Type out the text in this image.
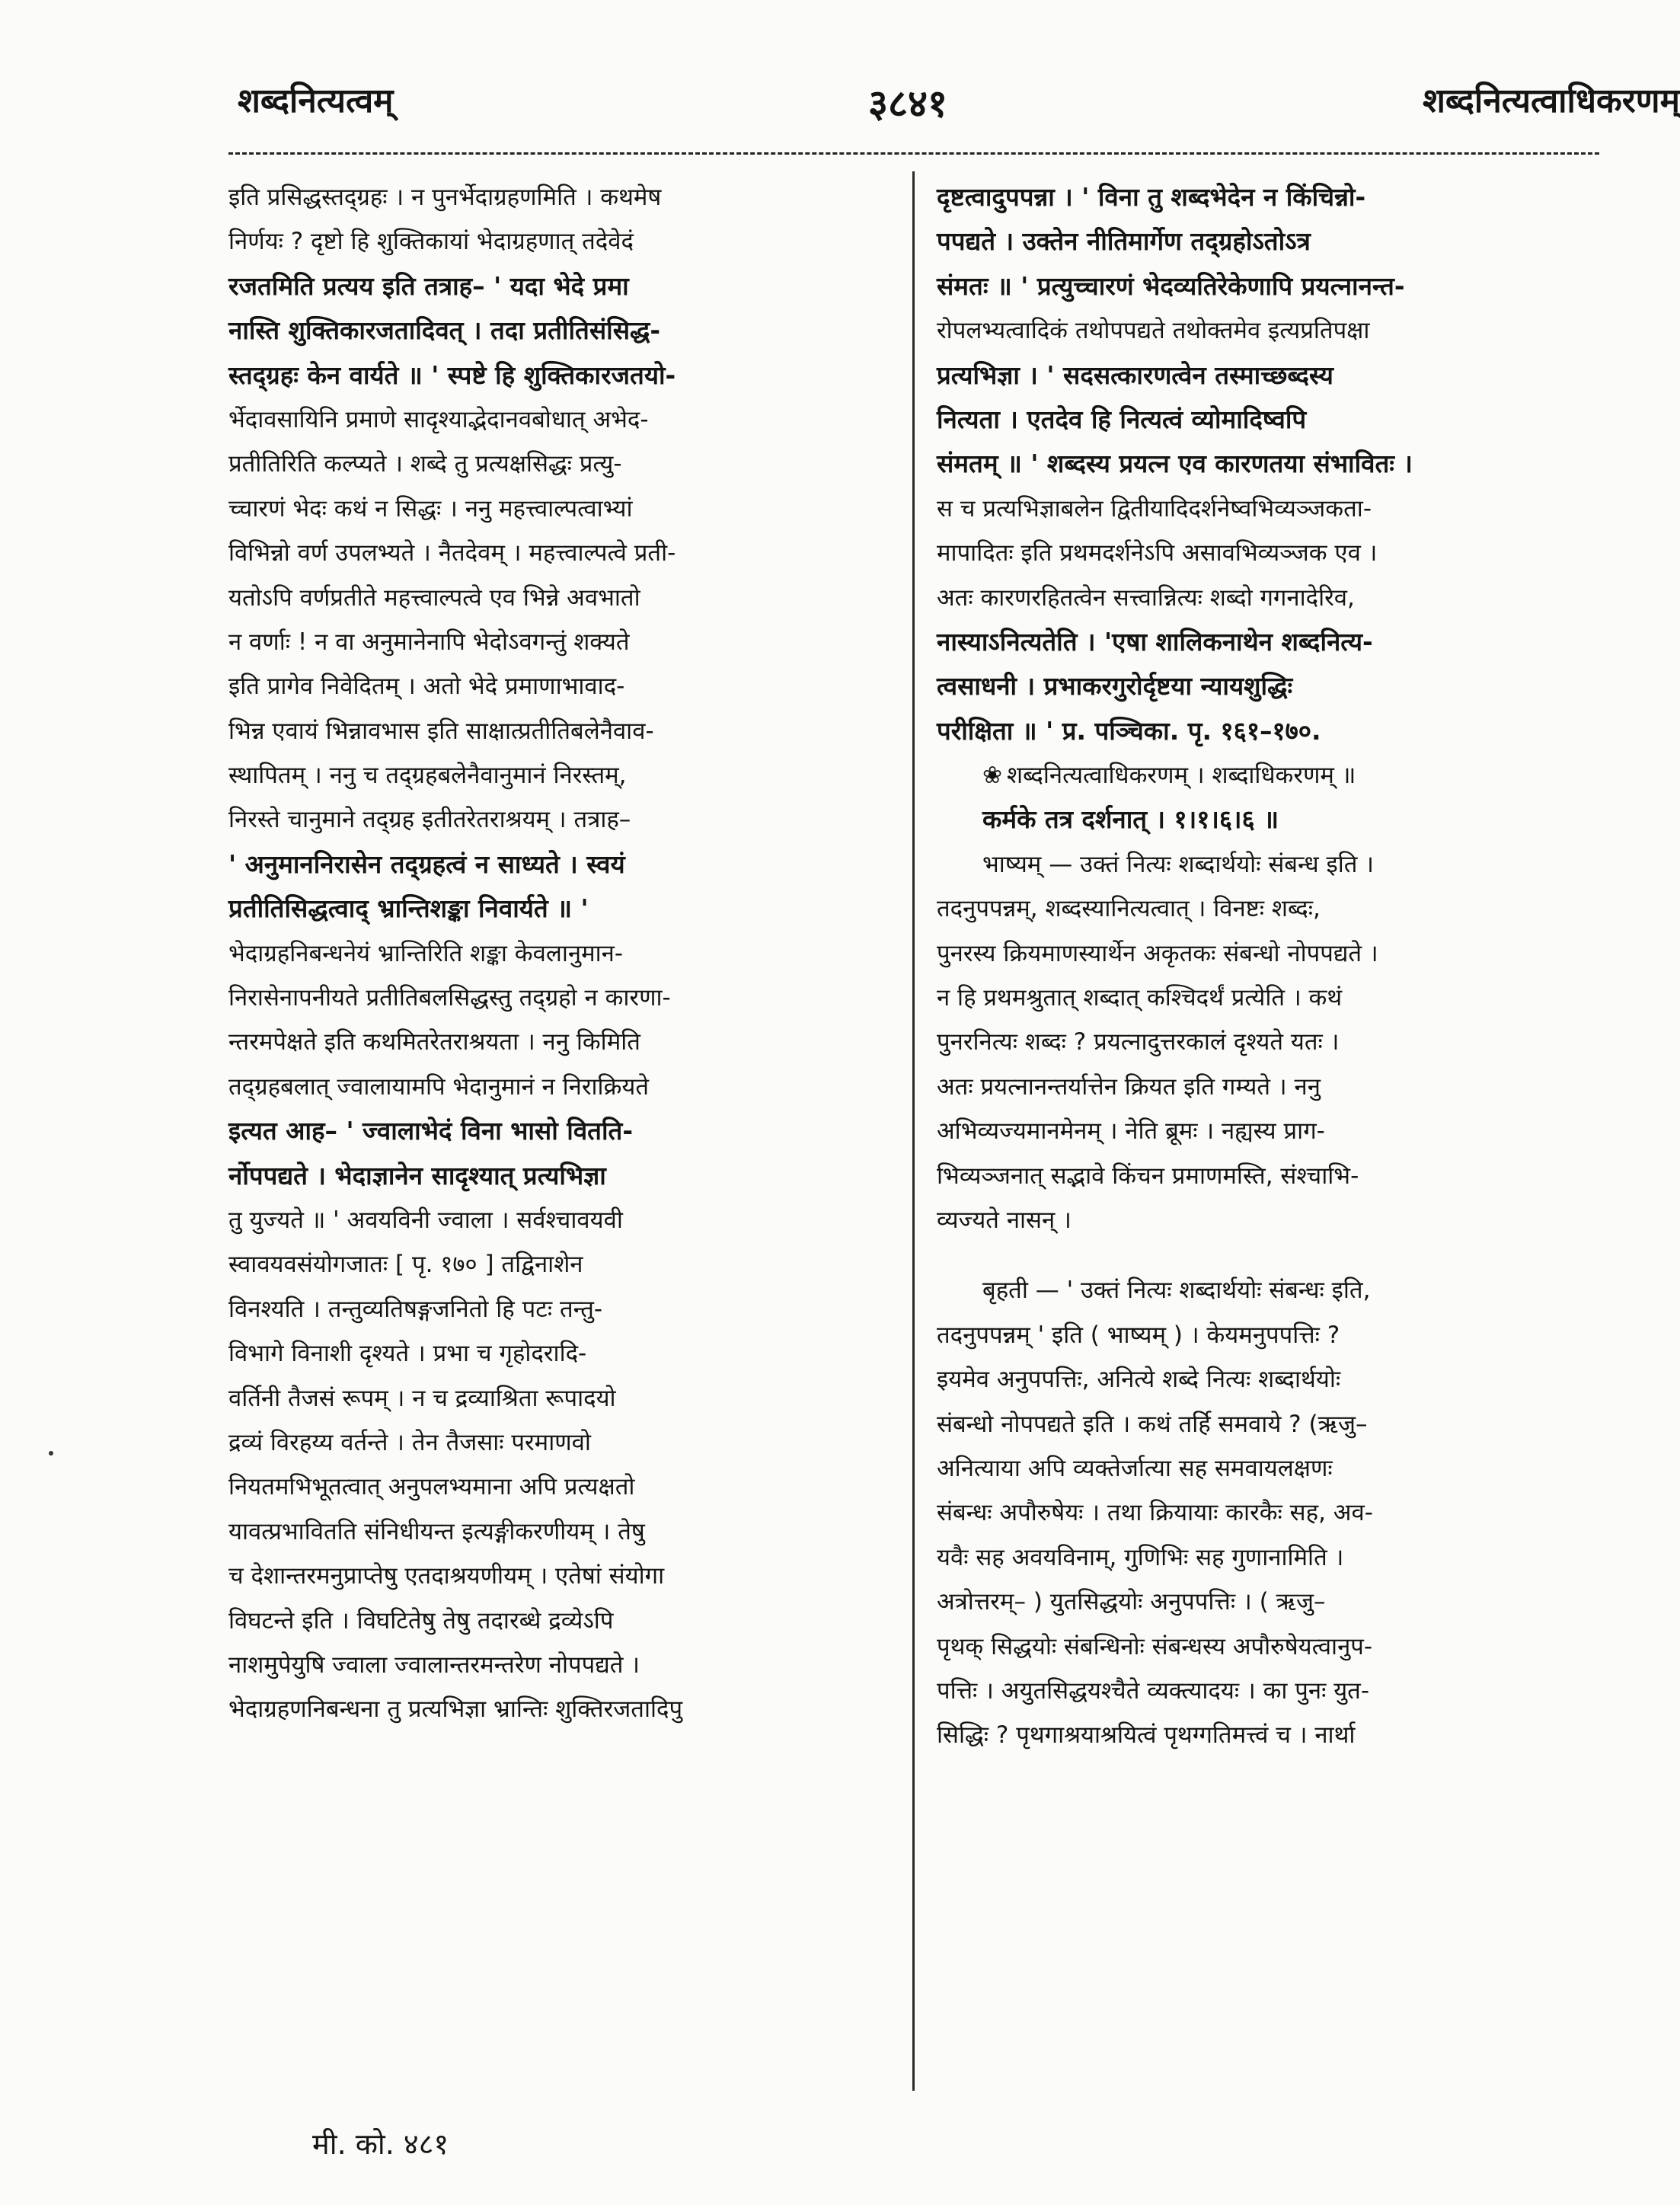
शब्दनित्यत्वम्	३८४१	शब्दनित्यत्वाधिकरणम्
इति प्रसिद्धस्तद्ग्रहः । न पुनर्भेदाग्रहणमिति । कथमेष
निर्णयः ? दृष्टो हि शुक्तिकायां भेदाग्रहणात् तदेवेदं
रजतमिति प्रत्यय इति तत्राह– ' यदा भेदे प्रमा
नास्ति शुक्तिकारजतादिवत् । तदा प्रतीतिसंसिद्ध-
स्तद्ग्रहः केन वार्यते ॥ ' स्पष्टे हि शुक्तिकारजतयो-
र्भेदावसायिनि प्रमाणे सादृश्याद्भेदानवबोधात् अभेद-
प्रतीतिरिति कल्प्यते । शब्दे तु प्रत्यक्षसिद्धः प्रत्यु-
च्चारणं भेदः कथं न सिद्धः । ननु महत्त्वाल्पत्वाभ्यां
विभिन्नो वर्ण उपलभ्यते । नैतदेवम् । महत्त्वाल्पत्वे प्रती-
यतोऽपि वर्णप्रतीते महत्त्वाल्पत्वे एव भिन्ने अवभातो
न वर्णाः ! न वा अनुमानेनापि भेदोऽवगन्तुं शक्यते
इति प्रागेव निवेदितम् । अतो भेदे प्रमाणाभावाद-
भिन्न एवायं भिन्नावभास इति साक्षात्प्रतीतिबलेनैवाव-
स्थापितम् । ननु च तद्ग्रहबलेनैवानुमानं निरस्तम्,
निरस्ते चानुमाने तद्ग्रह इतीतरेतराश्रयम् । तत्राह–
' अनुमाननिरासेन तद्ग्रहत्वं न साध्यते । स्वयं
प्रतीतिसिद्धत्वाद् भ्रान्तिशङ्का निवार्यते ॥ '
भेदाग्रहनिबन्धनेयं भ्रान्तिरिति शङ्का केवलानुमान-
निरासेनापनीयते प्रतीतिबलसिद्धस्तु तद्ग्रहो न कारणा-
न्तरमपेक्षते इति कथमितरेतराश्रयता । ननु किमिति
तद्ग्रहबलात् ज्वालायामपि भेदानुमानं न निराक्रियते
इत्यत आह– ' ज्वालाभेदं विना भासो वितति-
र्नोपपद्यते । भेदाज्ञानेन सादृश्यात् प्रत्यभिज्ञा
तु युज्यते ॥ ' अवयविनी ज्वाला । सर्वश्चावयवी
स्वावयवसंयोगजातः [ पृ. १७० ] तद्विनाशेन
विनश्यति । तन्तुव्यतिषङ्गजनितो हि पटः तन्तु-
विभागे विनाशी दृश्यते । प्रभा च गृहोदरादि-
वर्तिनी तैजसं रूपम् । न च द्रव्याश्रिता रूपादयो
द्रव्यं विरहय्य वर्तन्ते । तेन तैजसाः परमाणवो
नियतमभिभूतत्वात् अनुपलभ्यमाना अपि प्रत्यक्षतो
यावत्प्रभावितति संनिधीयन्त इत्यङ्गीकरणीयम् । तेषु
च देशान्तरमनुप्राप्तेषु एतदाश्रयणीयम् । एतेषां संयोगा
विघटन्ते इति । विघटितेषु तेषु तदारब्धे द्रव्येऽपि
नाशमुपेयुषि ज्वाला ज्वालान्तरमन्तरेण नोपपद्यते ।
भेदाग्रहणनिबन्धना तु प्रत्यभिज्ञा भ्रान्तिः शुक्तिरजतादिपु
दृष्टत्वादुपपन्ना । ' विना तु शब्दभेदेन न किंचिन्नो-
पपद्यते । उक्तेन नीतिमार्गेण तद्ग्रहोऽतोऽत्र
संमतः ॥ ' प्रत्युच्चारणं भेदव्यतिरेकेणापि प्रयत्नानन्त-
रोपलभ्यत्वादिकं तथोपपद्यते तथोक्तमेव इत्यप्रतिपक्षा
प्रत्यभिज्ञा । ' सदसत्कारणत्वेन तस्माच्छब्दस्य
नित्यता । एतदेव हि नित्यत्वं व्योमादिष्वपि
संमतम् ॥ ' शब्दस्य प्रयत्न एव कारणतया संभावितः ।
स च प्रत्यभिज्ञाबलेन द्वितीयादिदर्शनेष्वभिव्यञ्जकता-
मापादितः इति प्रथमदर्शनेऽपि असावभिव्यञ्जक एव ।
अतः कारणरहितत्वेन सत्त्वान्नित्यः शब्दो गगनादेरिव,
नास्याऽनित्यतेति । 'एषा शालिकनाथेन शब्दनित्य-
त्वसाधनी । प्रभाकरगुरोर्दृष्टया न्यायशुद्धिः
परीक्षिता ॥ ' प्र. पञ्चिका. पृ. १६१–१७०.
❀ शब्दनित्यत्वाधिकरणम् । शब्दाधिकरणम् ॥
कर्मके तत्र दर्शनात् । १।१।६।६ ॥
भाष्यम् — उक्तं नित्यः शब्दार्थयोः संबन्ध इति ।
तदनुपपन्नम्, शब्दस्यानित्यत्वात् । विनष्टः शब्दः,
पुनरस्य क्रियमाणस्यार्थेन अकृतकः संबन्धो नोपपद्यते ।
न हि प्रथमश्रुतात् शब्दात् कश्चिदर्थं प्रत्येति । कथं
पुनरनित्यः शब्दः ? प्रयत्नादुत्तरकालं दृश्यते यतः ।
अतः प्रयत्नानन्तर्यात्तेन क्रियत इति गम्यते । ननु
अभिव्यज्यमानमेनम् । नेति ब्रूमः । नह्यस्य प्राग-
भिव्यञ्जनात् सद्भावे किंचन प्रमाणमस्ति, संश्चाभि-
व्यज्यते नासन् ।
बृहती — ' उक्तं नित्यः शब्दार्थयोः संबन्धः इति,
तदनुपपन्नम् ' इति ( भाष्यम् ) । केयमनुपपत्तिः ?
इयमेव अनुपपत्तिः, अनित्ये शब्दे नित्यः शब्दार्थयोः
संबन्धो नोपपद्यते इति । कथं तर्हि समवाये ? (ऋजु–
अनित्याया अपि व्यक्तेर्जात्या सह समवायलक्षणः
संबन्धः अपौरुषेयः । तथा क्रियायाः कारकैः सह, अव-
यवैः सह अवयविनाम्, गुणिभिः सह गुणानामिति ।
अत्रोत्तरम्– ) युतसिद्धयोः अनुपपत्तिः । ( ऋजु–
पृथक् सिद्धयोः संबन्धिनोः संबन्धस्य अपौरुषेयत्वानुप-
पत्तिः । अयुतसिद्धयश्चैते व्यक्त्यादयः । का पुनः युत-
सिद्धिः ? पृथगाश्रयाश्रयित्वं पृथग्गतिमत्त्वं च । नार्था
मी. को. ४८१
